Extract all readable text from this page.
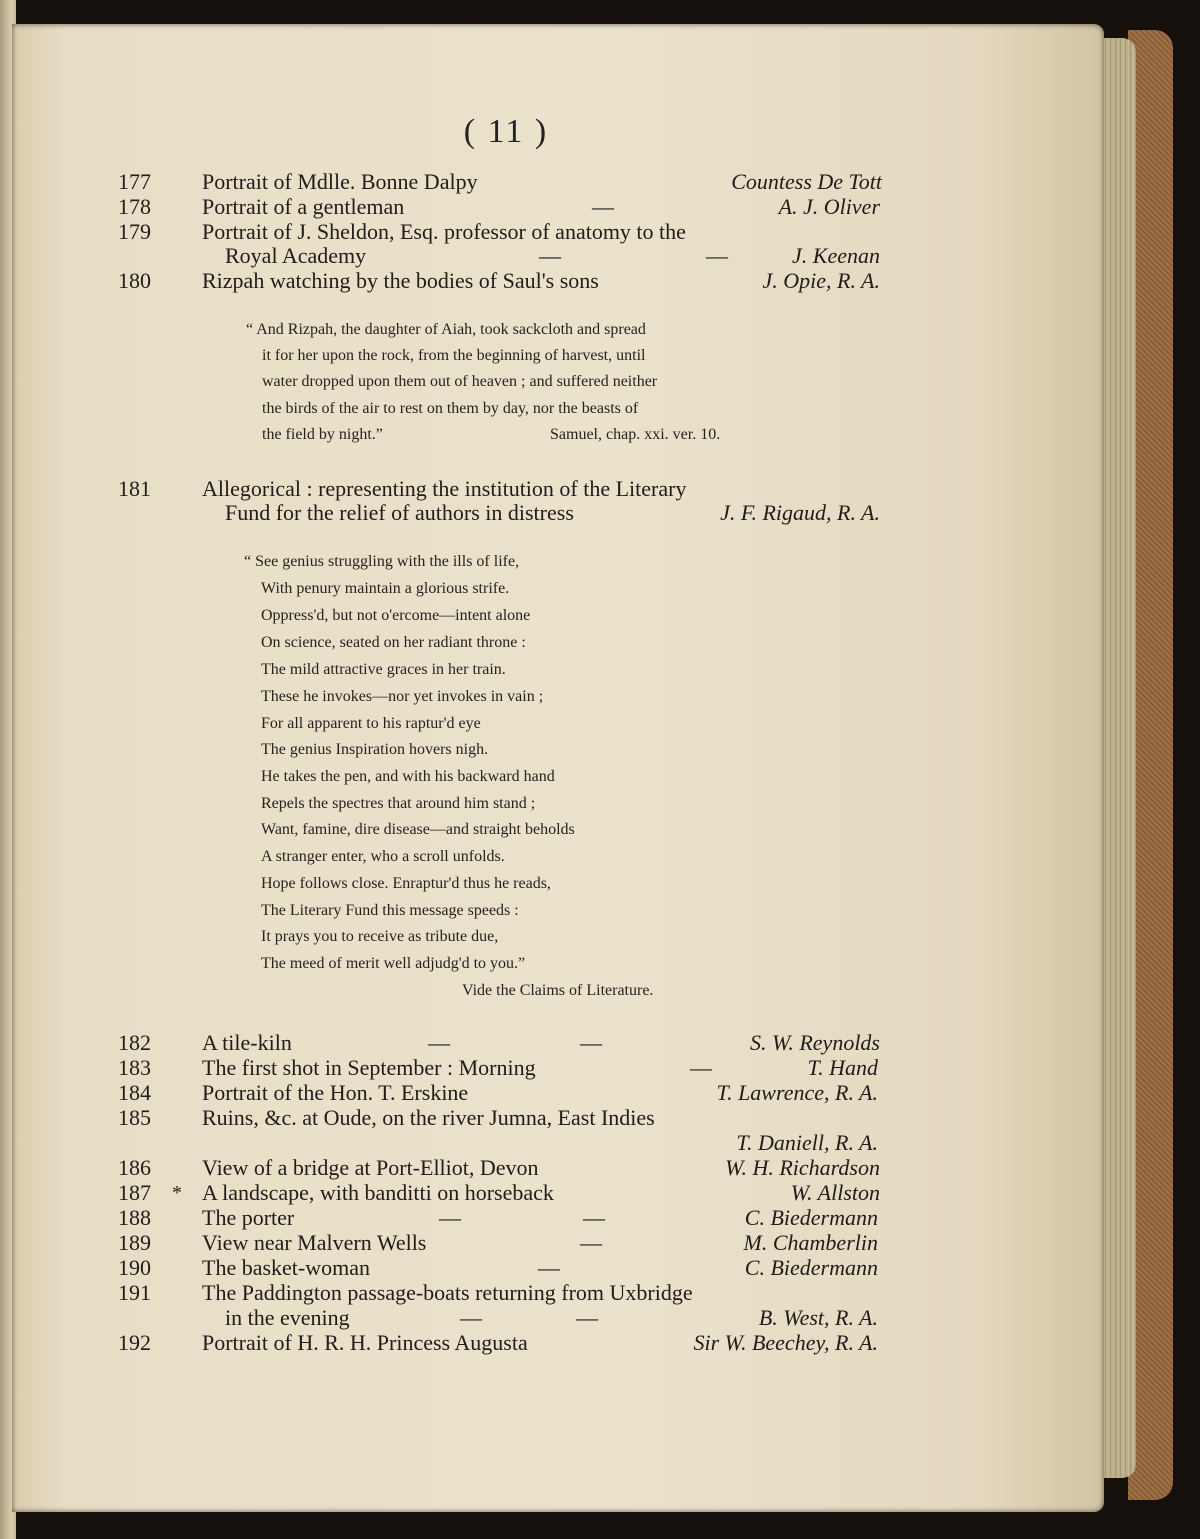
( 11 )
177 Portrait of Mdlle. Bonne Dalpy	Countess De Tott
178 Portrait of a gentleman	—	A. J. Oliver
179 Portrait of J. Sheldon, Esq. professor of anatomy to the
Royal Academy	—	—	J. Keenan
180 Rizpah watching by the bodies of Saul's sons	J. Opie, R. A.
“ And Rizpah, the daughter of Aiah, took sackcloth and spread
it for her upon the rock, from the beginning of harvest, until
water dropped upon them out of heaven ; and suffered neither
the birds of the air to rest on them by day, nor the beasts of
the field by night.”	Samuel, chap. xxi. ver. 10.
181 Allegorical : representing the institution of the Literary
Fund for the relief of authors in distress	J. F. Rigaud, R. A.
“ See genius struggling with the ills of life,
With penury maintain a glorious strife.
Oppress'd, but not o'ercome—intent alone
On science, seated on her radiant throne :
The mild attractive graces in her train.
These he invokes—nor yet invokes in vain ;
For all apparent to his raptur'd eye
The genius Inspiration hovers nigh.
He takes the pen, and with his backward hand
Repels the spectres that around him stand ;
Want, famine, dire disease—and straight beholds
A stranger enter, who a scroll unfolds.
Hope follows close. Enraptur'd thus he reads,
The Literary Fund this message speeds :
It prays you to receive as tribute due,
The meed of merit well adjudg'd to you.”
Vide the Claims of Literature.
182 A tile-kiln	—	—	S. W. Reynolds
183 The first shot in September : Morning	—	T. Hand
184 Portrait of the Hon. T. Erskine	T. Lawrence, R. A.
185 Ruins, &c. at Oude, on the river Jumna, East Indies
T. Daniell, R. A.
186 View of a bridge at Port-Elliot, Devon	W. H. Richardson
187 * A landscape, with banditti on horseback	W. Allston
188 The porter	—	—	C. Biedermann
189 View near Malvern Wells	—	M. Chamberlin
190 The basket-woman	—	C. Biedermann
191 The Paddington passage-boats returning from Uxbridge
in the evening	—	—	B. West, R. A.
192 Portrait of H. R. H. Princess Augusta	Sir W. Beechey, R. A.
